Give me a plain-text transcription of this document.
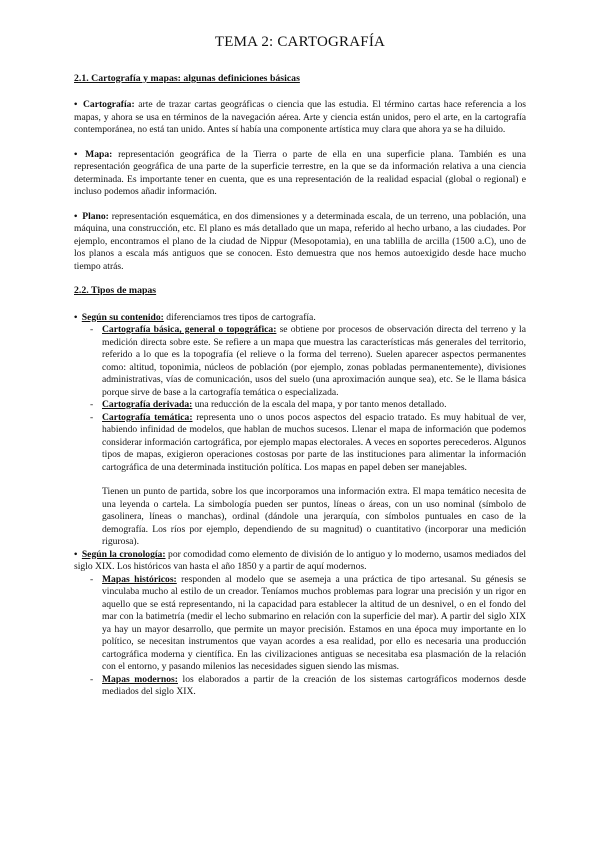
TEMA 2: CARTOGRAFÍA
2.1. Cartografía y mapas: algunas definiciones básicas

• Cartografía: arte de trazar cartas geográficas o ciencia que las estudia. El término cartas hace referencia a los mapas, y ahora se usa en términos de la navegación aérea. Arte y ciencia están unidos, pero el arte, en la cartografía contemporánea, no está tan unido. Antes sí había una componente artística muy clara que ahora ya se ha diluido.

• Mapa: representación geográfica de la Tierra o parte de ella en una superficie plana. También es una representación geográfica de una parte de la superficie terrestre, en la que se da información relativa a una ciencia determinada. Es importante tener en cuenta, que es una representación de la realidad espacial (global o regional) e incluso podemos añadir información.

• Plano: representación esquemática, en dos dimensiones y a determinada escala, de un terreno, una población, una máquina, una construcción, etc. El plano es más detallado que un mapa, referido al hecho urbano, a las ciudades. Por ejemplo, encontramos el plano de la ciudad de Nippur (Mesopotamia), en una tablilla de arcilla (1500 a.C), uno de los planos a escala más antiguos que se conocen. Esto demuestra que nos hemos autoexigido desde hace mucho tiempo atrás.

2.2. Tipos de mapas
• Según su contenido: diferenciamos tres tipos de cartografía.
- Cartografía básica, general o topográfica: se obtiene por procesos de observación directa del terreno y la medición directa sobre este. Se refiere a un mapa que muestra las características más generales del territorio, referido a lo que es la topografía (el relieve o la forma del terreno). Suelen aparecer aspectos permanentes como: altitud, toponimia, núcleos de población (por ejemplo, zonas pobladas permanentemente), divisiones administrativas, vías de comunicación, usos del suelo (una aproximación aunque sea), etc. Se le llama básica porque sirve de base a la cartografía temática o especializada.
- Cartografía derivada: una reducción de la escala del mapa, y por tanto menos detallado.
- Cartografía temática: representa uno o unos pocos aspectos del espacio tratado. Es muy habitual de ver, habiendo infinidad de modelos, que hablan de muchos sucesos. Llenar el mapa de información que podemos considerar información cartográfica, por ejemplo mapas electorales. A veces en soportes perecederos. Algunos tipos de mapas, exigieron operaciones costosas por parte de las instituciones para alimentar la información cartográfica de una determinada institución política. Los mapas en papel deben ser manejables.

Tienen un punto de partida, sobre los que incorporamos una información extra. El mapa temático necesita de una leyenda o cartela. La simbología pueden ser puntos, líneas o áreas, con un uso nominal (símbolo de gasolinera, líneas o manchas), ordinal (dándole una jerarquía, con símbolos puntuales en caso de la demografía. Los ríos por ejemplo, dependiendo de su magnitud) o cuantitativo (incorporar una medición rigurosa).

• Según la cronología: por comodidad como elemento de división de lo antiguo y lo moderno, usamos mediados del siglo XIX. Los históricos van hasta el año 1850 y a partir de aquí modernos.
- Mapas históricos: responden al modelo que se asemeja a una práctica de tipo artesanal. Su génesis se vinculaba mucho al estilo de un creador. Teníamos muchos problemas para lograr una precisión y un rigor en aquello que se está representando, ni la capacidad para establecer la altitud de un desnivel, o en el fondo del mar con la batimetría (medir el lecho submarino en relación con la superficie del mar). A partir del siglo XIX ya hay un mayor desarrollo, que permite un mayor precisión. Estamos en una época muy importante en lo político, se necesitan instrumentos que vayan acordes a esa realidad, por ello es necesaria una producción cartográfica moderna y científica. En las civilizaciones antiguas se necesitaba esa plasmación de la relación con el entorno, y pasando milenios las necesidades siguen siendo las mismas.
- Mapas modernos: los elaborados a partir de la creación de los sistemas cartográficos modernos desde mediados del siglo XIX.
